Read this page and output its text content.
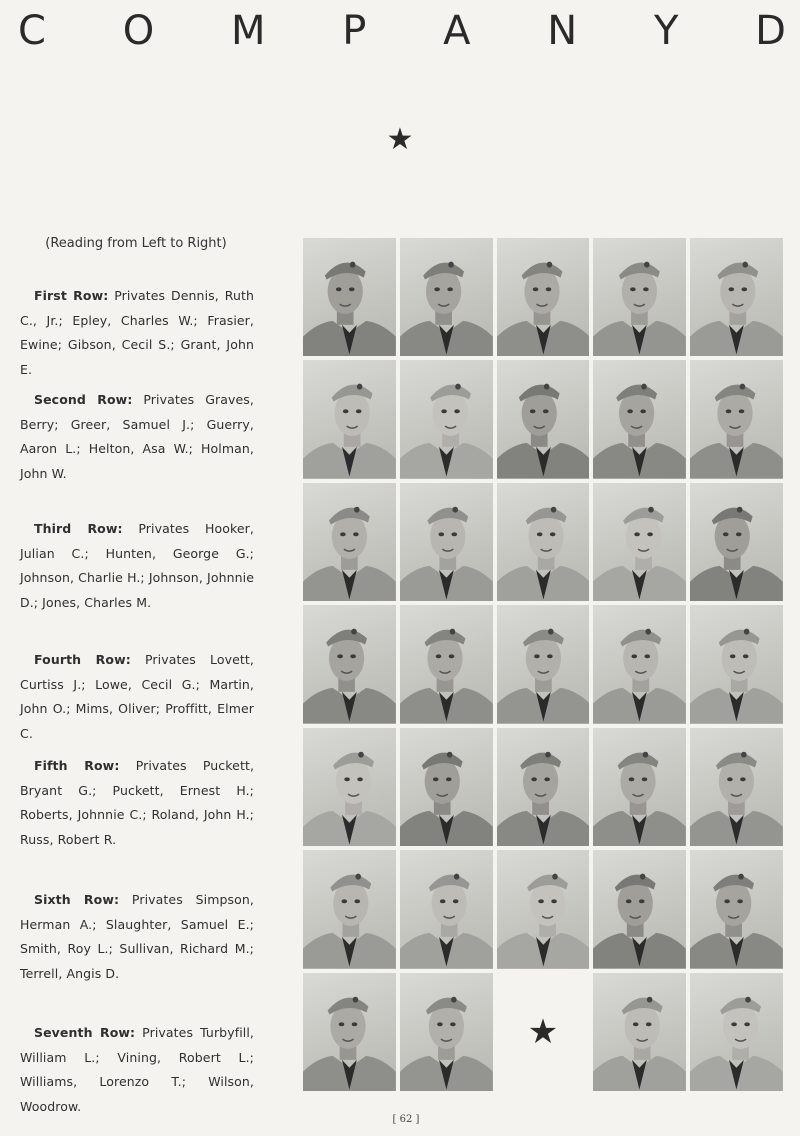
C O M P A N Y D
★
(Reading from Left to Right)
First Row: Privates Dennis, Ruth C., Jr.; Epley, Charles W.; Frasier, Ewine; Gibson, Cecil S.; Grant, John E.
Second Row: Privates Graves, Berry; Greer, Samuel J.; Guerry, Aaron L.; Helton, Asa W.; Holman, John W.
Third Row: Privates Hooker, Julian C.; Hunten, George G.; Johnson, Charlie H.; Johnson, Johnnie D.; Jones, Charles M.
Fourth Row: Privates Lovett, Curtiss J.; Lowe, Cecil G.; Martin, John O.; Mims, Oliver; Proffitt, Elmer C.
Fifth Row: Privates Puckett, Bryant G.; Puckett, Ernest H.; Roberts, Johnnie C.; Roland, John H.; Russ, Robert R.
Sixth Row: Privates Simpson, Herman A.; Slaughter, Samuel E.; Smith, Roy L.; Sullivan, Richard M.; Terrell, Angis D.
Seventh Row: Privates Turbyfill, William L.; Vining, Robert L.; Williams, Lorenzo T.; Wilson, Woodrow.
★
[ 62 ]
